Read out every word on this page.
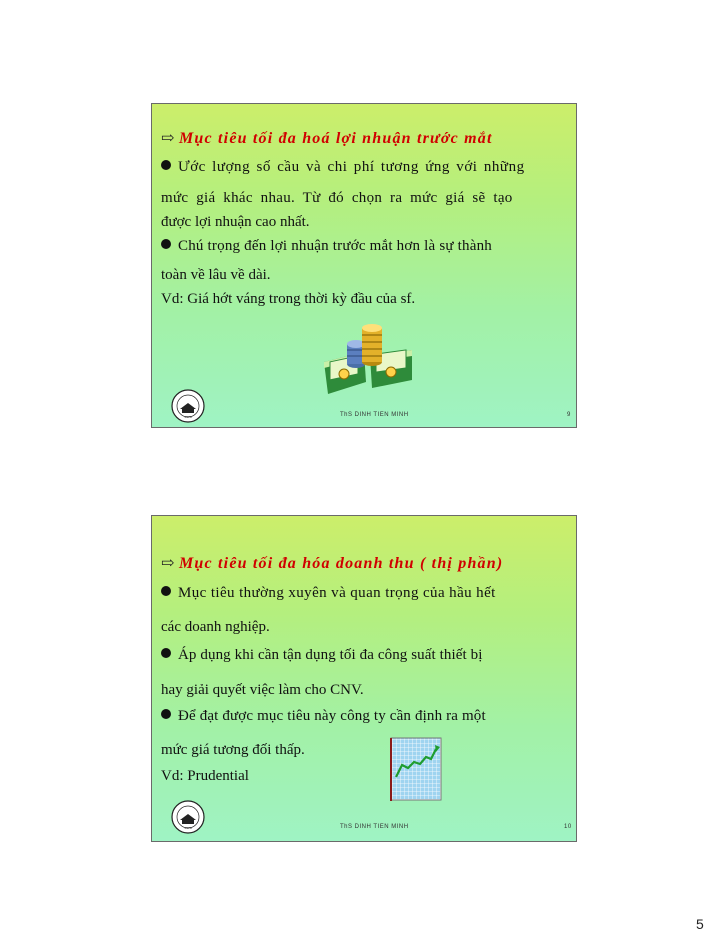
⇨ Mục tiêu tối đa hoá lợi nhuận trước mắt
Ước lượng số cầu và chi phí tương ứng với những
mức giá khác nhau. Từ đó chọn ra mức giá sẽ tạo
được lợi nhuận cao nhất.
Chú trọng đến lợi nhuận trước mắt hơn là sự thành
toàn về lâu về dài.
Vd: Giá hớt váng trong thời kỳ đầu của sf.
1976	ThS DINH TIEN MINH	9
⇨ Mục tiêu tối đa hóa doanh thu ( thị phần)
Mục tiêu thường xuyên và quan trọng của hầu hết
các doanh nghiệp.
Áp dụng khi cần tận dụng tối đa công suất thiết bị
hay giải quyết việc làm cho CNV.
Để đạt được mục tiêu này công ty cần định ra một
mức giá tương đối thấp.
Vd: Prudential
1976	ThS DINH TIEN MINH	10
5
